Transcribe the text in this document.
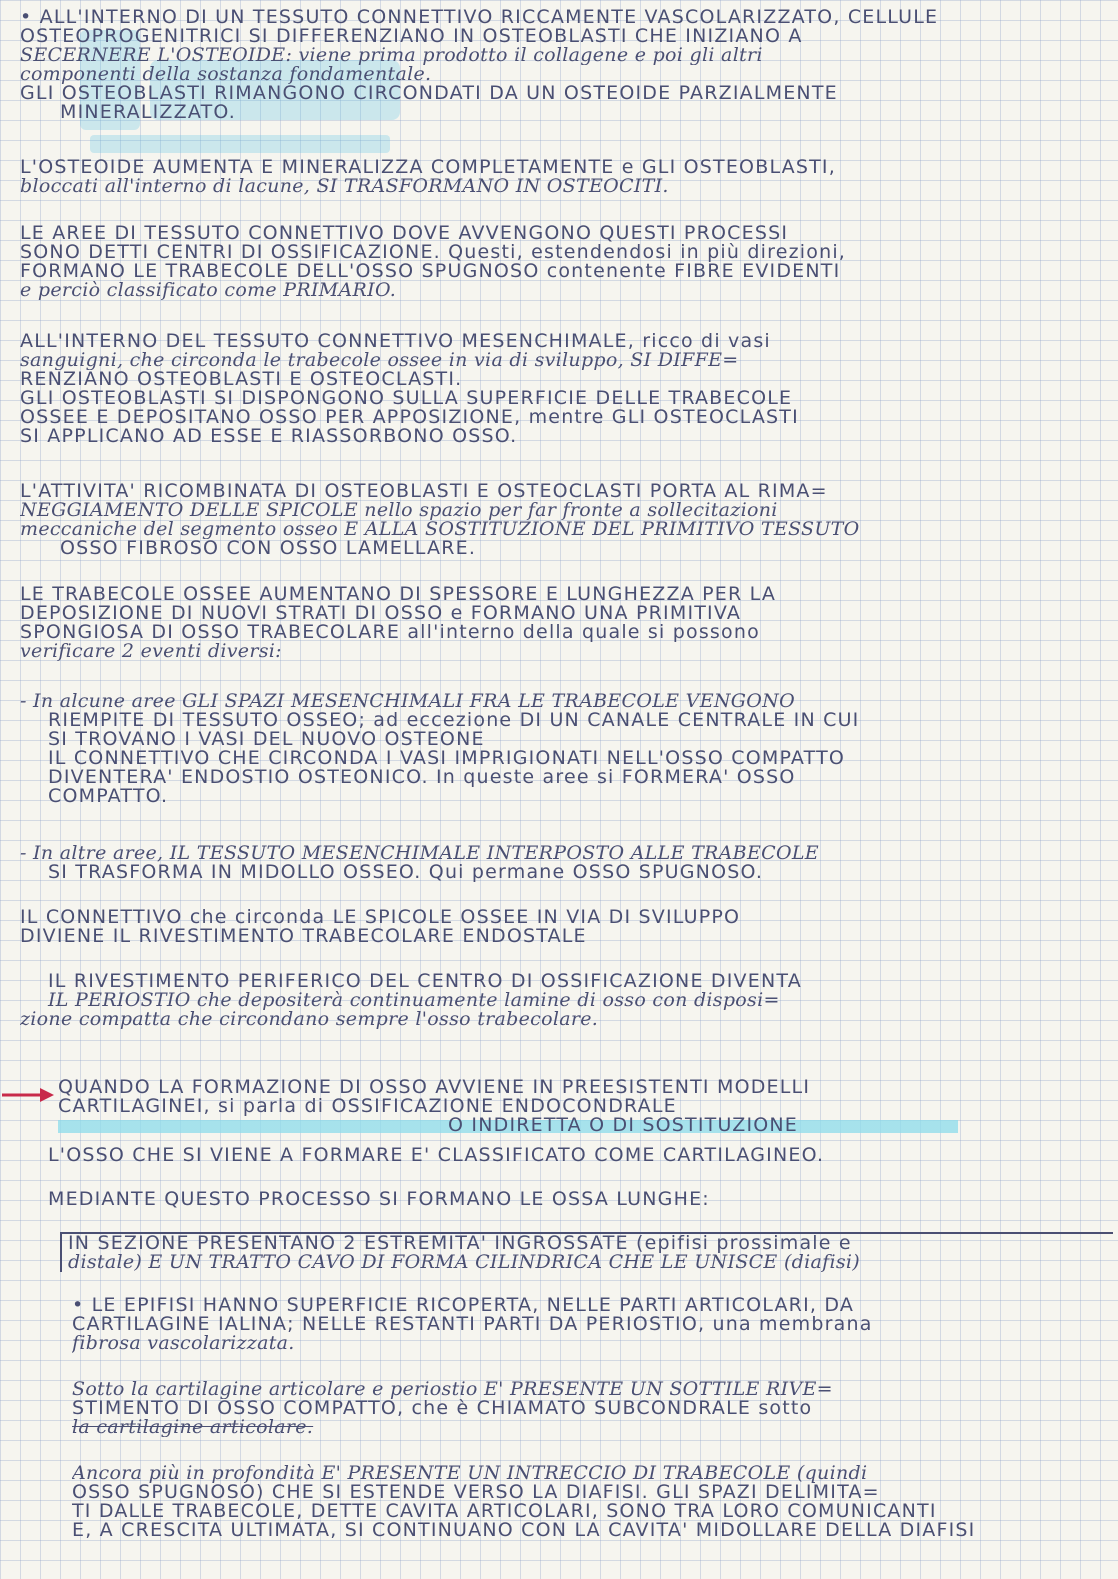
• ALL'INTERNO DI UN TESSUTO CONNETTIVO RICCAMENTE VASCOLARIZZATO, CELLULE
OSTEOPROGENITRICI SI DIFFERENZIANO IN OSTEOBLASTI CHE INIZIANO A
SECERNERE L'OSTEOIDE: viene prima prodotto il collagene e poi gli altri
componenti della sostanza fondamentale.
GLI OSTEOBLASTI RIMANGONO CIRCONDATI DA UN OSTEOIDE PARZIALMENTE
MINERALIZZATO.
L'OSTEOIDE AUMENTA E MINERALIZZA COMPLETAMENTE e GLI OSTEOBLASTI,
bloccati all'interno di lacune, SI TRASFORMANO IN OSTEOCITI.
LE AREE DI TESSUTO CONNETTIVO DOVE AVVENGONO QUESTI PROCESSI
SONO DETTI CENTRI DI OSSIFICAZIONE. Questi, estendendosi in più direzioni,
FORMANO LE TRABECOLE DELL'OSSO SPUGNOSO contenente FIBRE EVIDENTI
e perciò classificato come PRIMARIO.
ALL'INTERNO DEL TESSUTO CONNETTIVO MESENCHIMALE, ricco di vasi
sanguigni, che circonda le trabecole ossee in via di sviluppo, SI DIFFE=
RENZIANO OSTEOBLASTI E OSTEOCLASTI.
GLI OSTEOBLASTI SI DISPONGONO SULLA SUPERFICIE DELLE TRABECOLE
OSSEE E DEPOSITANO OSSO PER APPOSIZIONE, mentre GLI OSTEOCLASTI
SI APPLICANO AD ESSE E RIASSORBONO OSSO.
L'ATTIVITA' RICOMBINATA DI OSTEOBLASTI E OSTEOCLASTI PORTA AL RIMA=
NEGGIAMENTO DELLE SPICOLE nello spazio per far fronte a sollecitazioni
meccaniche del segmento osseo E ALLA SOSTITUZIONE DEL PRIMITIVO TESSUTO
OSSO FIBROSO CON OSSO LAMELLARE.
LE TRABECOLE OSSEE AUMENTANO DI SPESSORE E LUNGHEZZA PER LA
DEPOSIZIONE DI NUOVI STRATI DI OSSO e FORMANO UNA PRIMITIVA
SPONGIOSA DI OSSO TRABECOLARE all'interno della quale si possono
verificare 2 eventi diversi:
- In alcune aree GLI SPAZI MESENCHIMALI FRA LE TRABECOLE VENGONO
RIEMPITE DI TESSUTO OSSEO; ad eccezione DI UN CANALE CENTRALE IN CUI
SI TROVANO I VASI DEL NUOVO OSTEONE
IL CONNETTIVO CHE CIRCONDA I VASI IMPRIGIONATI NELL'OSSO COMPATTO
DIVENTERA' ENDOSTIO OSTEONICO. In queste aree si FORMERA' OSSO
COMPATTO.
- In altre aree, IL TESSUTO MESENCHIMALE INTERPOSTO ALLE TRABECOLE
SI TRASFORMA IN MIDOLLO OSSEO. Qui permane OSSO SPUGNOSO.
IL CONNETTIVO che circonda LE SPICOLE OSSEE IN VIA DI SVILUPPO
DIVIENE IL RIVESTIMENTO TRABECOLARE ENDOSTALE
IL RIVESTIMENTO PERIFERICO DEL CENTRO DI OSSIFICAZIONE DIVENTA
IL PERIOSTIO che depositerà continuamente lamine di osso con disposi=
zione compatta che circondano sempre l'osso trabecolare.
QUANDO LA FORMAZIONE DI OSSO AVVIENE IN PREESISTENTI MODELLI
CARTILAGINEI, si parla di OSSIFICAZIONE ENDOCONDRALE
O INDIRETTA O DI SOSTITUZIONE
L'OSSO CHE SI VIENE A FORMARE E' CLASSIFICATO COME CARTILAGINEO.
MEDIANTE QUESTO PROCESSO SI FORMANO LE OSSA LUNGHE:
IN SEZIONE PRESENTANO 2 ESTREMITA' INGROSSATE (epifisi prossimale e
distale) E UN TRATTO CAVO DI FORMA CILINDRICA CHE LE UNISCE (diafisi)
• LE EPIFISI HANNO SUPERFICIE RICOPERTA, NELLE PARTI ARTICOLARI, DA
CARTILAGINE IALINA; NELLE RESTANTI PARTI DA PERIOSTIO, una membrana
fibrosa vascolarizzata.
Sotto la cartilagine articolare e periostio E' PRESENTE UN SOTTILE RIVE=
STIMENTO DI OSSO COMPATTO, che è CHIAMATO SUBCONDRALE sotto
la cartilagine articolare.
Ancora più in profondità E' PRESENTE UN INTRECCIO DI TRABECOLE (quindi
OSSO SPUGNOSO) CHE SI ESTENDE VERSO LA DIAFISI. GLI SPAZI DELIMITA=
TI DALLE TRABECOLE, DETTE CAVITA ARTICOLARI, SONO TRA LORO COMUNICANTI
E, A CRESCITA ULTIMATA, SI CONTINUANO CON LA CAVITA' MIDOLLARE DELLA DIAFISI
